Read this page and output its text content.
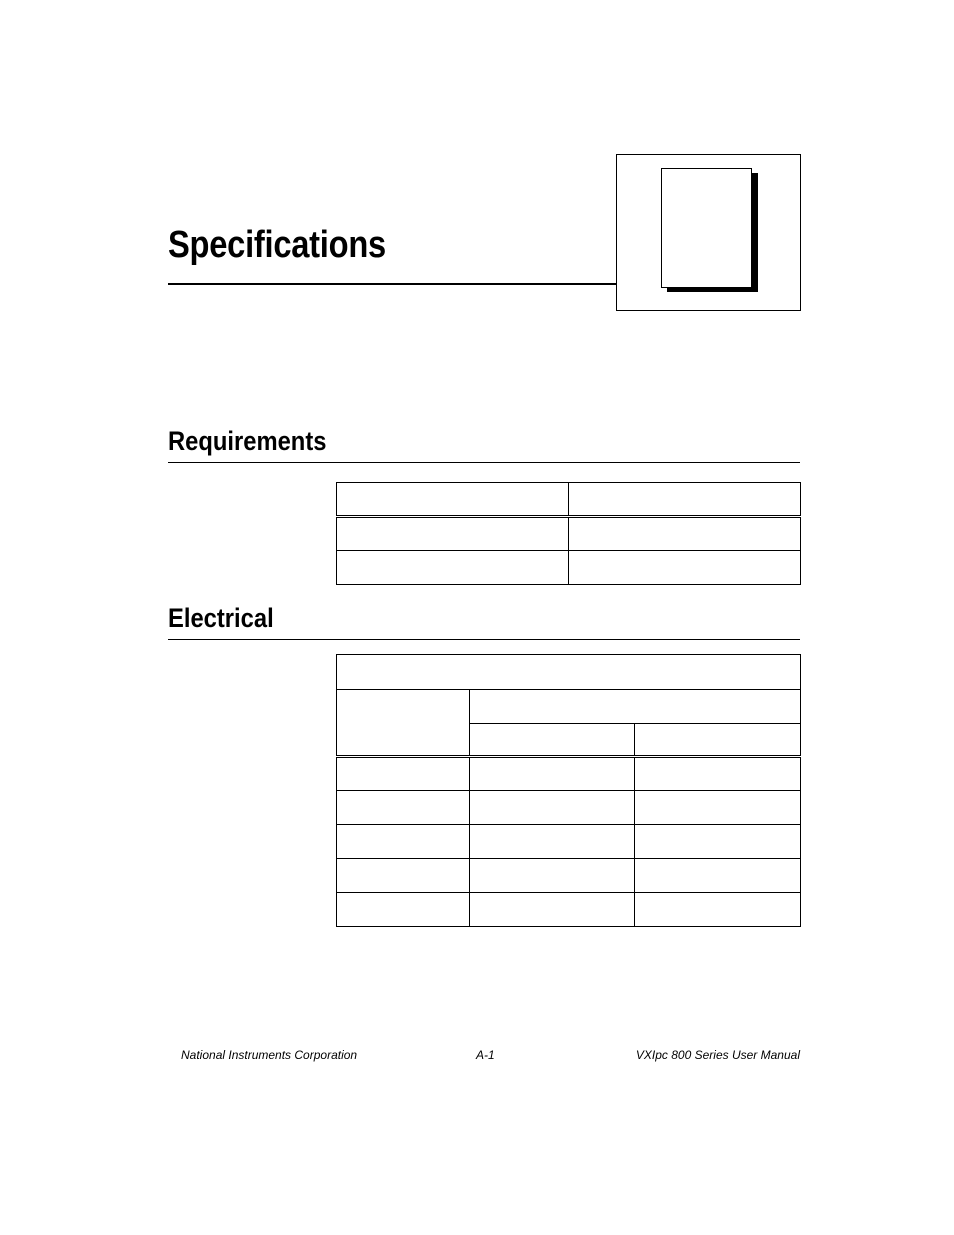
Specifications
Requirements

Electrical

National Instruments Corporation	A-1	VXIpc 800 Series User Manual
